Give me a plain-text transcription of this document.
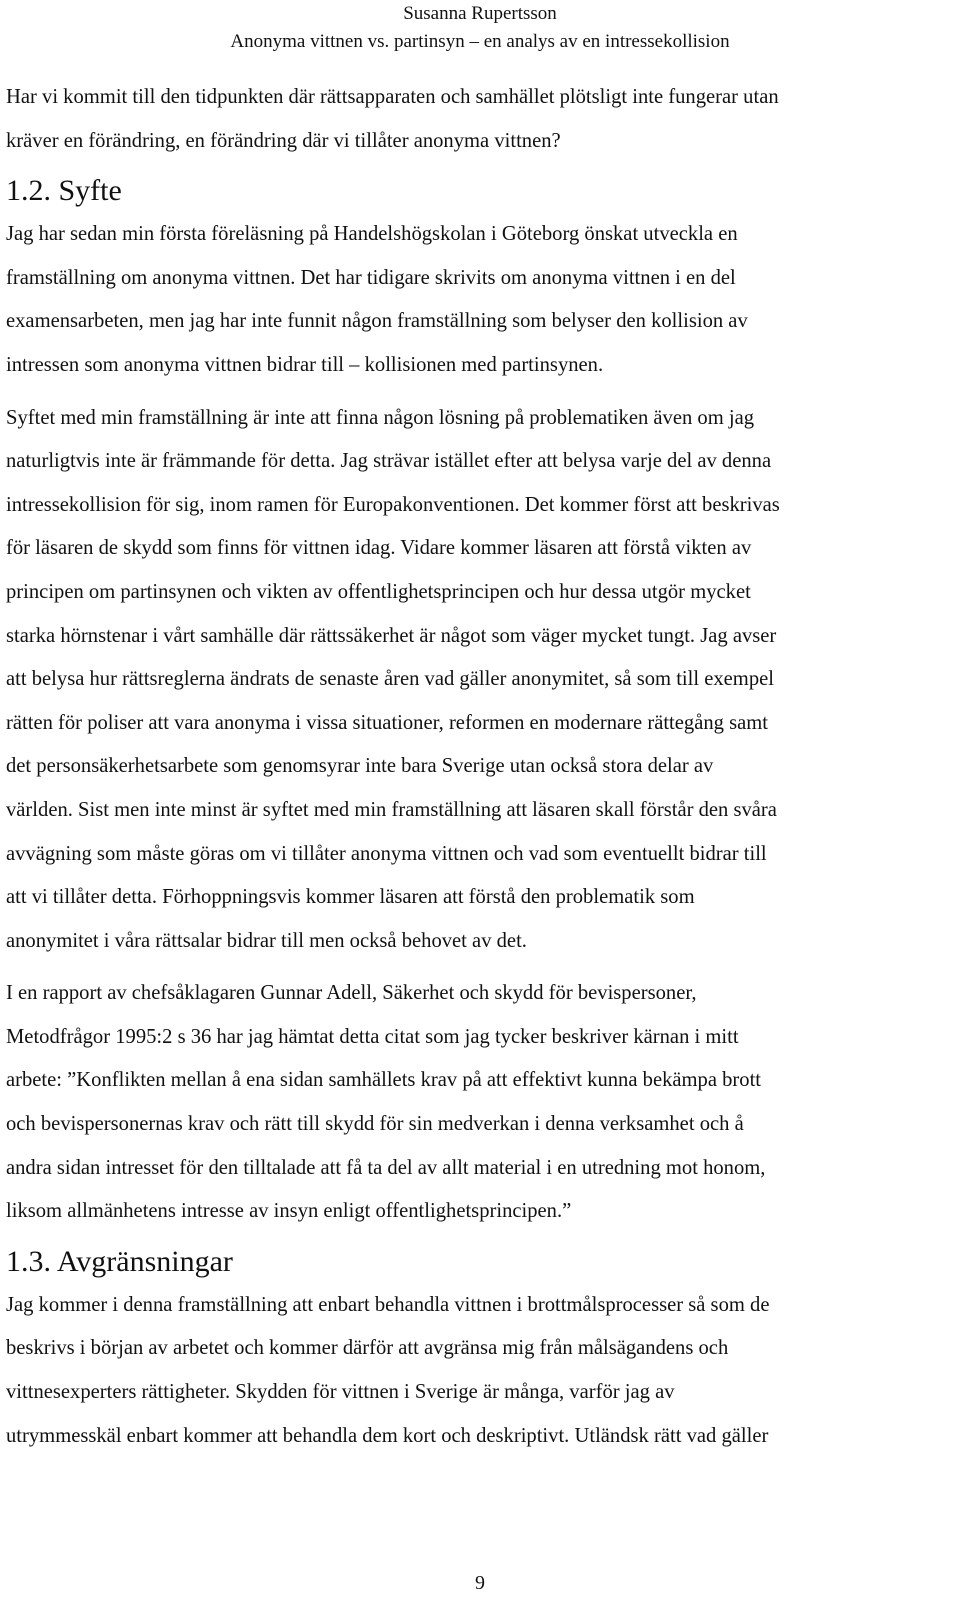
Susanna Rupertsson
Anonyma vittnen vs. partinsyn – en analys av en intressekollision

Har vi kommit till den tidpunkten där rättsapparaten och samhället plötsligt inte fungerar utan
kräver en förändring, en förändring där vi tillåter anonyma vittnen?

1.2. Syfte

Jag har sedan min första föreläsning på Handelshögskolan i Göteborg önskat utveckla en
framställning om anonyma vittnen. Det har tidigare skrivits om anonyma vittnen i en del
examensarbeten, men jag har inte funnit någon framställning som belyser den kollision av
intressen som anonyma vittnen bidrar till – kollisionen med partinsynen.

Syftet med min framställning är inte att finna någon lösning på problematiken även om jag
naturligtvis inte är främmande för detta. Jag strävar istället efter att belysa varje del av denna
intressekollision för sig, inom ramen för Europakonventionen. Det kommer först att beskrivas
för läsaren de skydd som finns för vittnen idag. Vidare kommer läsaren att förstå vikten av
principen om partinsynen och vikten av offentlighetsprincipen och hur dessa utgör mycket
starka hörnstenar i vårt samhälle där rättssäkerhet är något som väger mycket tungt. Jag avser
att belysa hur rättsreglerna ändrats de senaste åren vad gäller anonymitet, så som till exempel
rätten för poliser att vara anonyma i vissa situationer, reformen en modernare rättegång samt
det personsäkerhetsarbete som genomsyrar inte bara Sverige utan också stora delar av
världen. Sist men inte minst är syftet med min framställning att läsaren skall förstår den svåra
avvägning som måste göras om vi tillåter anonyma vittnen och vad som eventuellt bidrar till
att vi tillåter detta. Förhoppningsvis kommer läsaren att förstå den problematik som
anonymitet i våra rättsalar bidrar till men också behovet av det.

I en rapport av chefsåklagaren Gunnar Adell, Säkerhet och skydd för bevispersoner,
Metodfrågor 1995:2 s 36 har jag hämtat detta citat som jag tycker beskriver kärnan i mitt
arbete: ”Konflikten mellan å ena sidan samhällets krav på att effektivt kunna bekämpa brott
och bevispersonernas krav och rätt till skydd för sin medverkan i denna verksamhet och å
andra sidan intresset för den tilltalade att få ta del av allt material i en utredning mot honom,
liksom allmänhetens intresse av insyn enligt offentlighetsprincipen.”

1.3. Avgränsningar

Jag kommer i denna framställning att enbart behandla vittnen i brottmålsprocesser så som de
beskrivs i början av arbetet och kommer därför att avgränsa mig från målsägandens och
vittnesexperters rättigheter. Skydden för vittnen i Sverige är många, varför jag av
utrymmesskäl enbart kommer att behandla dem kort och deskriptivt. Utländsk rätt vad gäller

9
